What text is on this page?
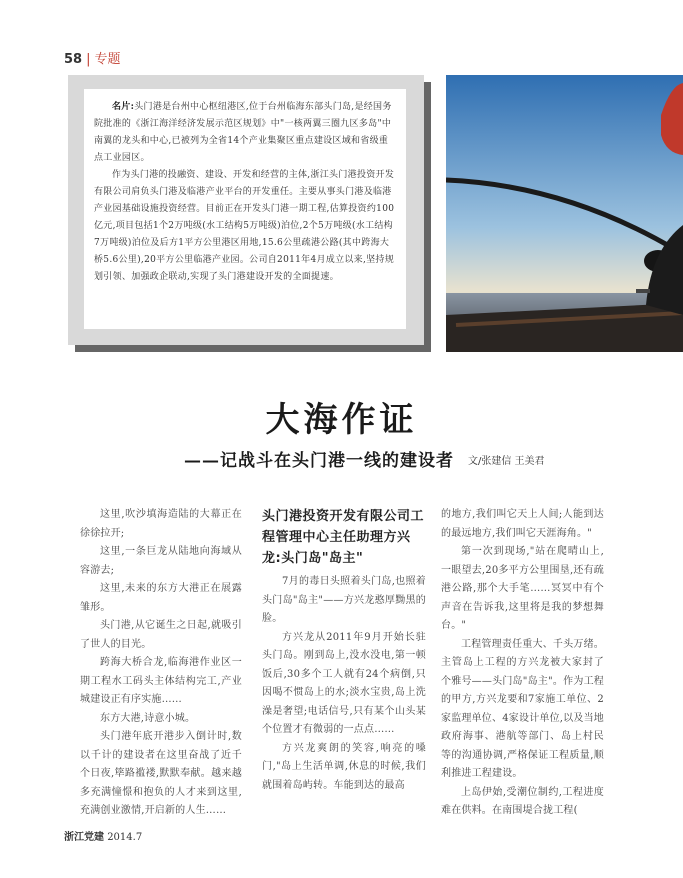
58 | 专题

名片:头门港是台州中心枢纽港区,位于台州临海东部头门岛,是经国务院批准的《浙江海洋经济发展示范区规划》中"一核两翼三圈九区多岛"中南翼的龙头和中心,已被列为全省14个产业集聚区重点建设区域和省级重点工业园区。

作为头门港的投融资、建设、开发和经营的主体,浙江头门港投资开发有限公司肩负头门港及临港产业平台的开发重任。主要从事头门港及临港产业园基础设施投资经营。目前正在开发头门港一期工程,估算投资约100亿元,项目包括1个2万吨级(水工结构5万吨级)泊位,2个5万吨级(水工结构7万吨级)泊位及后方1平方公里港区用地,15.6公里疏港公路(其中跨海大桥5.6公里),20平方公里临港产业园。公司自2011年4月成立以来,坚持规划引领、加强政企联动,实现了头门港建设开发的全面提速。

大海作证
——记战斗在头门港一线的建设者 文/张建信 王美君

这里,吹沙填海造陆的大幕正在徐徐拉开;

这里,一条巨龙从陆地向海域从容游去;

这里,未来的东方大港正在展露雏形。

头门港,从它诞生之日起,就吸引了世人的目光。

跨海大桥合龙,临海港作业区一期工程水工码头主体结构完工,产业城建设正有序实施……

东方大港,诗意小城。

头门港年底开港步入倒计时,数以千计的建设者在这里奋战了近千个日夜,筚路褴褛,默默奉献。越来越多充满憧憬和抱负的人才来到这里,充满创业激情,开启新的人生……

头门港投资开发有限公司工程管理中心主任助理方兴龙:头门岛"岛主"

7月的毒日头照着头门岛,也照着头门岛"岛主"——方兴龙憨厚黝黑的脸。

方兴龙从2011年9月开始长驻头门岛。刚到岛上,没水没电,第一顿饭后,30多个工人就有24个病倒,只因喝不惯岛上的水;淡水宝贵,岛上洗澡是奢望;电话信号,只有某个山头某个位置才有微弱的一点点……

方兴龙爽朗的笑容,响亮的嗓门,"岛上生活单调,休息的时候,我们就围着岛屿转。车能到达的最高

的地方,我们叫它天上人间;人能到达的最远地方,我们叫它天涯海角。"

第一次到现场,"站在爬晴山上,一眼望去,20多平方公里围垦,还有疏港公路,那个大手笔……冥冥中有个声音在告诉我,这里将是我的梦想舞台。"

工程管理责任重大、千头万绪。主管岛上工程的方兴龙被大家封了个雅号——头门岛"岛主"。作为工程的甲方,方兴龙要和7家施工单位、2家监理单位、4家设计单位,以及当地政府海事、港航等部门、岛上村民等的沟通协调,严格保证工程质量,顺利推进工程建设。

上岛伊始,受潮位制约,工程进度难在供料。在南围堤合拢工程(

浙江党建 2014.7
